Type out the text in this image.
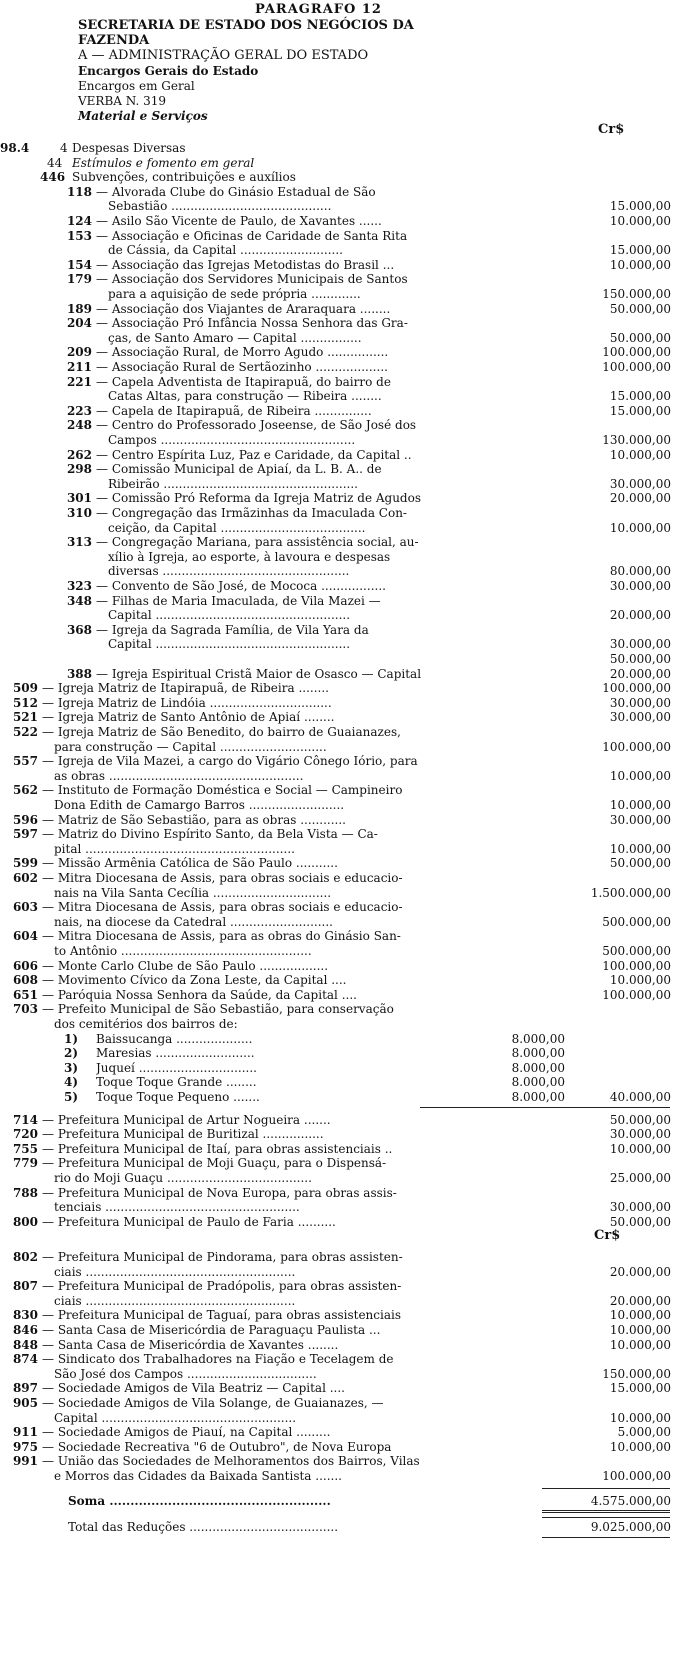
PARAGRAFO 12
SECRETARIA DE ESTADO DOS NEGÓCIOS DA
FAZENDA
A — ADMINISTRAÇÃO GERAL DO ESTADO
Encargos Gerais do Estado
Encargos em Geral
VERBA N. 319
Material e Serviços
Cr$
98.4	4 Despesas Diversas
44 Estímulos e fomento em geral
446 Subvenções, contribuições e auxílios
118 — Alvorada Clube do Ginásio Estadual de São
Sebastião ..........................................	15.000,00
124 — Asilo São Vicente de Paulo, de Xavantes ......	10.000,00
153 — Associação e Oficinas de Caridade de Santa Rita
de Cássia, da Capital ...........................	15.000,00
154 — Associação das Igrejas Metodistas do Brasil ...	10.000,00
179 — Associação dos Servidores Municipais de Santos
para a aquisição de sede própria .............	150.000,00
189 — Associação dos Viajantes de Araraquara ........	50.000,00
204 — Associação Pró Infância Nossa Senhora das Gra-
ças, de Santo Amaro — Capital ................	50.000,00
209 — Associação Rural, de Morro Agudo ................	100.000,00
211 — Associação Rural de Sertãozinho ...................	100.000,00
221 — Capela Adventista de Itapirapuã, do bairro de
Catas Altas, para construção — Ribeira ........	15.000,00
223 — Capela de Itapirapuã, de Ribeira ...............	15.000,00
248 — Centro do Professorado Joseense, de São José dos
Campos ...................................................	130.000,00
262 — Centro Espírita Luz, Paz e Caridade, da Capital ..	10.000,00
298 — Comissão Municipal de Apiaí, da L. B. A.. de
Ribeirão ...................................................	30.000,00
301 — Comissão Pró Reforma da Igreja Matriz de Agudos	20.000,00
310 — Congregação das Irmãzinhas da Imaculada Con-
ceição, da Capital ......................................	10.000,00
313 — Congregação Mariana, para assistência social, au-
xílio à Igreja, ao esporte, à lavoura e despesas
diversas .................................................	80.000,00
323 — Convento de São José, de Mococa .................	30.000,00
348 — Filhas de Maria Imaculada, de Vila Mazei —
Capital ...................................................	20.000,00
368 — Igreja da Sagrada Família, de Vila Yara da
Capital ...................................................	30.000,00
50.000,00
388 — Igreja Espiritual Cristã Maior de Osasco — Capital	20.000,00
509 — Igreja Matriz de Itapirapuã, de Ribeira ........	100.000,00
512 — Igreja Matriz de Lindóia ................................	30.000,00
521 — Igreja Matriz de Santo Antônio de Apiaí ........	30.000,00
522 — Igreja Matriz de São Benedito, do bairro de Guaianazes,
para construção — Capital ............................	100.000,00
557 — Igreja de Vila Mazei, a cargo do Vigário Cônego Iório, para
as obras ...................................................	10.000,00
562 — Instituto de Formação Doméstica e Social — Campineiro
Dona Edith de Camargo Barros .........................	10.000,00
596 — Matriz de São Sebastião, para as obras ............	30.000,00
597 — Matriz do Divino Espírito Santo, da Bela Vista — Ca-
pital .......................................................	10.000,00
599 — Missão Armênia Católica de São Paulo ...........	50.000,00
602 — Mitra Diocesana de Assis, para obras sociais e educacio-
nais na Vila Santa Cecília ...............................	1.500.000,00
603 — Mitra Diocesana de Assis, para obras sociais e educacio-
nais, na diocese da Catedral ...........................	500.000,00
604 — Mitra Diocesana de Assis, para as obras do Ginásio San-
to Antônio ..................................................	500.000,00
606 — Monte Carlo Clube de São Paulo ..................	100.000,00
608 — Movimento Cívico da Zona Leste, da Capital ....	10.000,00
651 — Paróquia Nossa Senhora da Saúde, da Capital ....	100.000,00
703 — Prefeito Municipal de São Sebastião, para conservação
dos cemitérios dos bairros de:
1) Baissucanga ....................	8.000,00
2) Maresias ..........................	8.000,00
3) Juqueí ...............................	8.000,00
4) Toque Toque Grande ........	8.000,00
5) Toque Toque Pequeno .......	8.000,00	40.000,00
714 — Prefeitura Municipal de Artur Nogueira .......	50.000,00
720 — Prefeitura Municipal de Buritizal ................	30.000,00
755 — Prefeitura Municipal de Itaí, para obras assistenciais ..	10.000,00
779 — Prefeitura Municipal de Moji Guaçu, para o Dispensá-
rio do Moji Guaçu ......................................	25.000,00
788 — Prefeitura Municipal de Nova Europa, para obras assis-
tenciais ...................................................	30.000,00
800 — Prefeitura Municipal de Paulo de Faria ..........	50.000,00
Cr$
802 — Prefeitura Municipal de Pindorama, para obras assisten-
ciais .......................................................	20.000,00
807 — Prefeitura Municipal de Pradópolis, para obras assisten-
ciais .......................................................	20.000,00
830 — Prefeitura Municipal de Taguaí, para obras assistenciais	10.000,00
846 — Santa Casa de Misericórdia de Paraguaçu Paulista ...	10.000,00
848 — Santa Casa de Misericórdia de Xavantes ........	10.000,00
874 — Sindicato dos Trabalhadores na Fiação e Tecelagem de
São José dos Campos ..................................	150.000,00
897 — Sociedade Amigos de Vila Beatriz — Capital ....	15.000,00
905 — Sociedade Amigos de Vila Solange, de Guaianazes, —
Capital ...................................................	10.000,00
911 — Sociedade Amigos de Piauí, na Capital .........	5.000,00
975 — Sociedade Recreativa "6 de Outubro", de Nova Europa	10.000,00
991 — União das Sociedades de Melhoramentos dos Bairros, Vilas
e Morros das Cidades da Baixada Santista .......	100.000,00
Soma .....................................................	4.575.000,00
Total das Reduções .......................................	9.025.000,00
